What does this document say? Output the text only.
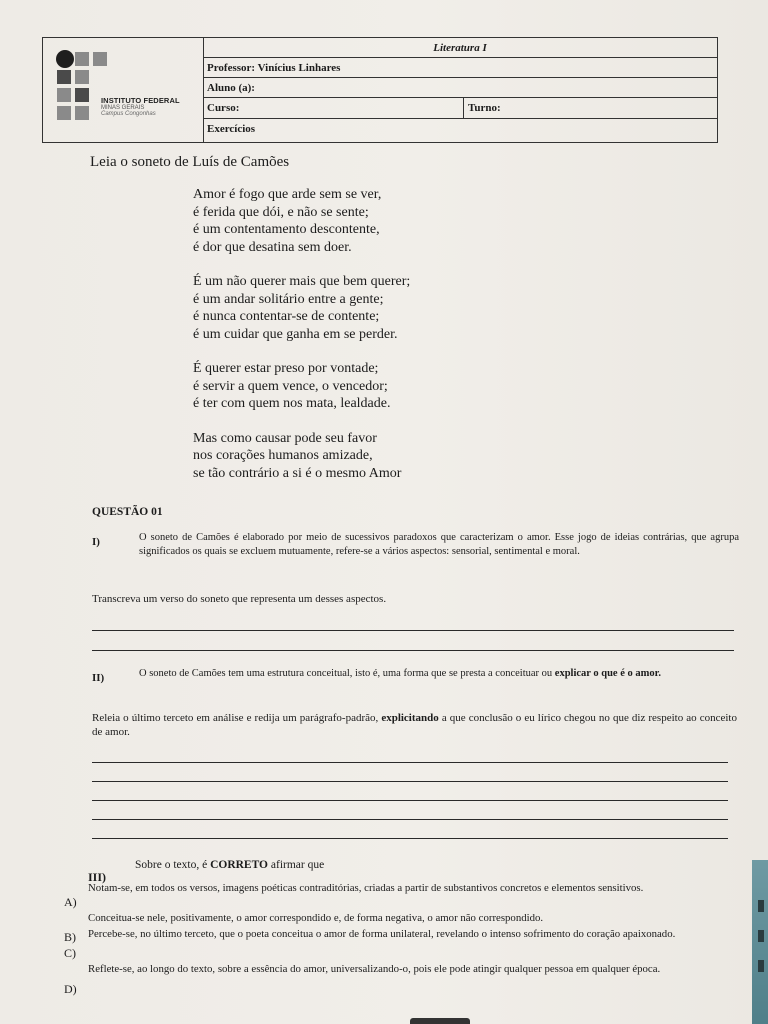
INSTITUTO FEDERAL
MINAS GERAIS
Campus Congonhas
Literatura I
Professor: Vinícius Linhares
Aluno (a):
Curso:	Turno:
Exercícios
Leia o soneto de Luís de Camões
Amor é fogo que arde sem se ver,
é ferida que dói, e não se sente;
é um contentamento descontente,
é dor que desatina sem doer.
É um não querer mais que bem querer;
é um andar solitário entre a gente;
é nunca contentar-se de contente;
é um cuidar que ganha em se perder.
É querer estar preso por vontade;
é servir a quem vence, o vencedor;
é ter com quem nos mata, lealdade.
Mas como causar pode seu favor
nos corações humanos amizade,
se tão contrário a si é o mesmo Amor
QUESTÃO 01
I)	O soneto de Camões é elaborado por meio de sucessivos paradoxos que caracterizam o amor. Esse jogo de ideias contrárias, que agrupa significados os quais se excluem mutuamente, refere-se a vários aspectos: sensorial, sentimental e moral.
Transcreva um verso do soneto que representa um desses aspectos.
II)	O soneto de Camões tem uma estrutura conceitual, isto é, uma forma que se presta a conceituar ou explicar o que é o amor.
Releia o último terceto em análise e redija um parágrafo-padrão, explicitando a que conclusão o eu lírico chegou no que diz respeito ao conceito de amor.
III)
Sobre o texto, é CORRETO afirmar que
A)
Notam-se, em todos os versos, imagens poéticas contraditórias, criadas a partir de substantivos concretos e elementos sensitivos.
B)
Conceitua-se nele, positivamente, o amor correspondido e, de forma negativa, o amor não correspondido.
C)
Percebe-se, no último terceto, que o poeta conceitua o amor de forma unilateral, revelando o intenso sofrimento do coração apaixonado.
D)
Reflete-se, ao longo do texto, sobre a essência do amor, universalizando-o, pois ele pode atingir qualquer pessoa em qualquer época.
